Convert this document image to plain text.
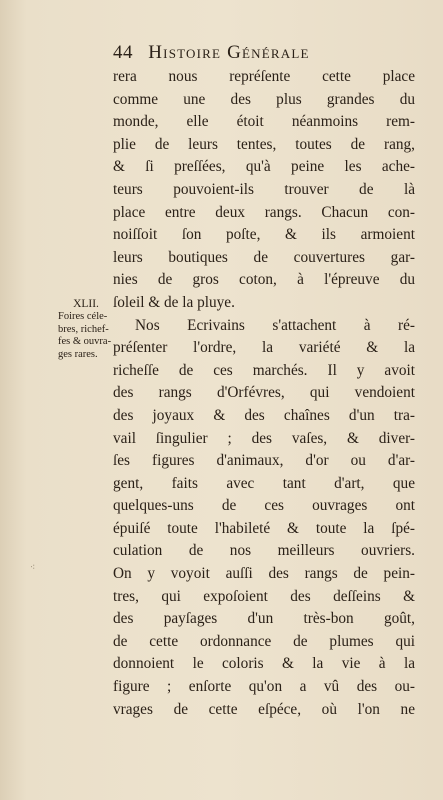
44 Histoire Générale
rera nous repréſente cette place
comme une des plus grandes du
monde, elle étoit néanmoins rem-
plie de leurs tentes, toutes de rang,
& ſi preſſées, qu'à peine les ache-
teurs pouvoient-ils trouver de là
place entre deux rangs. Chacun con-
noiſſoit ſon poſte, & ils armoient
leurs boutiques de couvertures gar-
nies de gros coton, à l'épreuve du
ſoleil & de la pluye.
Nos Ecrivains s'attachent à ré-
préſenter l'ordre, la variété & la
richeſſe de ces marchés. Il y avoit
des rangs d'Orfévres, qui vendoient
des joyaux & des chaînes d'un tra-
vail ſingulier ; des vaſes, & diver-
ſes figures d'animaux, d'or ou d'ar-
gent, faits avec tant d'art, que
quelques-uns de ces ouvrages ont
épuiſé toute l'habileté & toute la ſpé-
culation de nos meilleurs ouvriers.
On y voyoit auſſi des rangs de pein-
tres, qui expoſoient des deſſeins &
des payſages d'un très-bon goût,
de cette ordonnance de plumes qui
donnoient le coloris & la vie à la
figure ; enſorte qu'on a vû des ou-
vrages de cette eſpéce, où l'on ne
XLII.
Foires céle-
bres, richef-
fes & ouvra-
ges rares.
⁖
